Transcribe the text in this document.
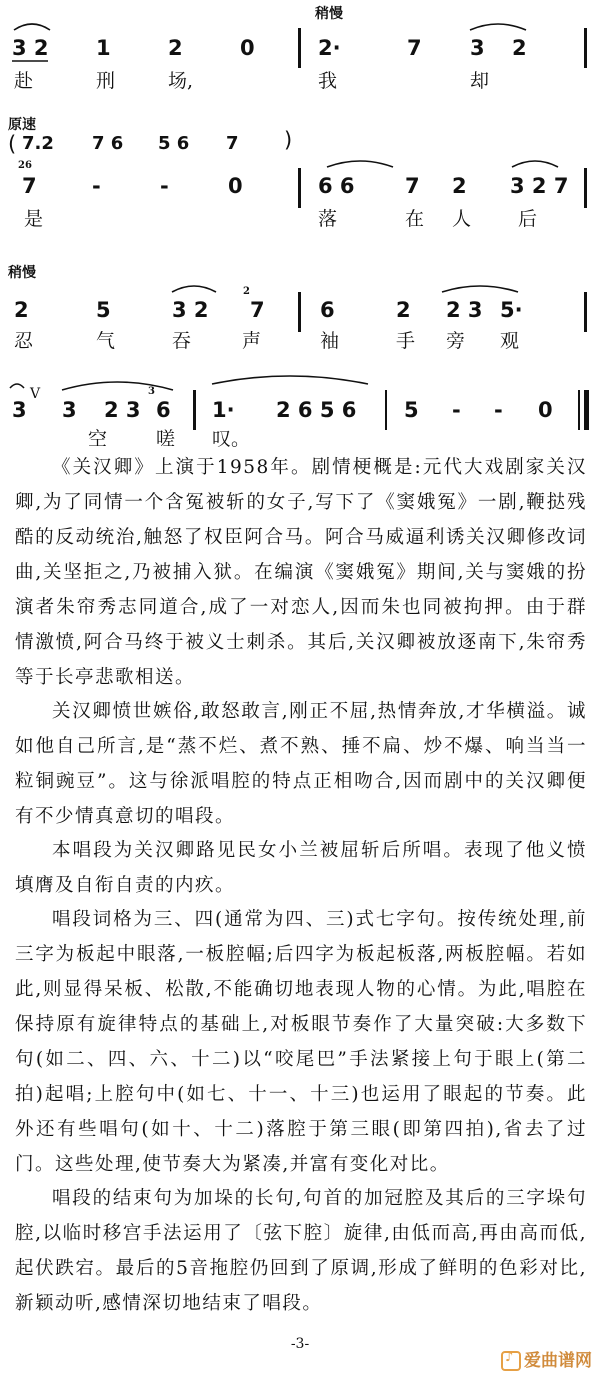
稍慢
3 2 1	2	0	2·	7 3 2
赴	刑	场,	我	却
原速
( 7.2 7 6 5 6 7 )
26
7	-	-	0	6 6 7 2 3 2 7
是	落	在 人 后
稍慢
2
2	5	3 2 7	6	2 2 3 5·
忍	气	吞	声	袖	手 旁 观
3
V
3 2 3
3
6 1· 2 6 5 6 5 - - 0
空	嗟 叹。

《关汉卿》上演于1958年。剧情梗概是:元代大戏剧家关汉卿,为了同情一个含冤被斩的女子,写下了《窦娥冤》一剧,鞭挞残酷的反动统治,触怒了权臣阿合马。阿合马威逼利诱关汉卿修改词曲,关坚拒之,乃被捕入狱。在编演《窦娥冤》期间,关与窦娥的扮演者朱帘秀志同道合,成了一对恋人,因而朱也同被拘押。由于群情激愤,阿合马终于被义士刺杀。其后,关汉卿被放逐南下,朱帘秀等于长亭悲歌相送。

关汉卿愤世嫉俗,敢怒敢言,刚正不屈,热情奔放,才华横溢。诚如他自己所言,是“蒸不烂、煮不熟、捶不扁、炒不爆、响当当一粒铜豌豆”。这与徐派唱腔的特点正相吻合,因而剧中的关汉卿便有不少情真意切的唱段。

本唱段为关汉卿路见民女小兰被屈斩后所唱。表现了他义愤填膺及自衔自责的内疚。

唱段词格为三、四(通常为四、三)式七字句。按传统处理,前三字为板起中眼落,一板腔幅;后四字为板起板落,两板腔幅。若如此,则显得呆板、松散,不能确切地表现人物的心情。为此,唱腔在保持原有旋律特点的基础上,对板眼节奏作了大量突破:大多数下句(如二、四、六、十二)以“咬尾巴”手法紧接上句于眼上(第二拍)起唱;上腔句中(如七、十一、十三)也运用了眼起的节奏。此外还有些唱句(如十、十二)落腔于第三眼(即第四拍),省去了过门。这些处理,使节奏大为紧凑,并富有变化对比。

唱段的结束句为加垛的长句,句首的加冠腔及其后的三字垛句腔,以临时移宫手法运用了〔弦下腔〕旋律,由低而高,再由高而低,起伏跌宕。最后的5音拖腔仍回到了原调,形成了鲜明的色彩对比,新颖动听,感情深切地结束了唱段。

-3-
♪爱曲谱网
